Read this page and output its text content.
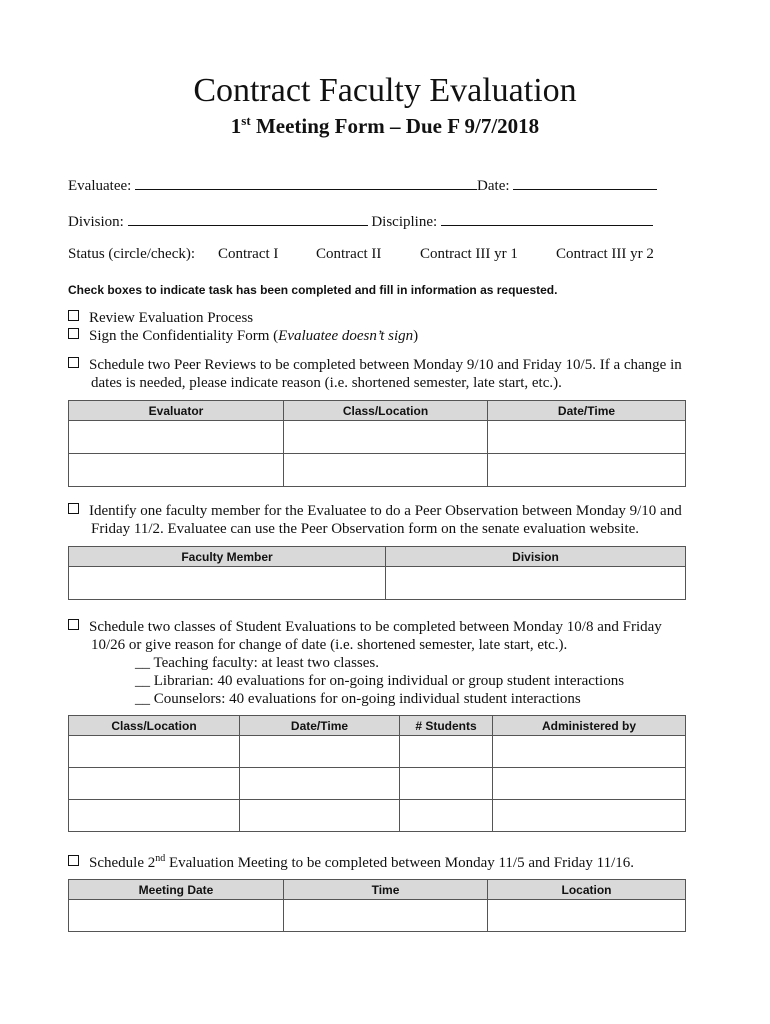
Contract Faculty Evaluation
1st Meeting Form – Due F 9/7/2018
Evaluatee:	Date:
Division:	Discipline:
Status (circle/check): Contract I	Contract II	Contract III yr 1	Contract III yr 2
Check boxes to indicate task has been completed and fill in information as requested.
Review Evaluation Process
Sign the Confidentiality Form (Evaluatee doesn’t sign)
Schedule two Peer Reviews to be completed between Monday 9/10 and Friday 10/5. If a change in
dates is needed, please indicate reason (i.e. shortened semester, late start, etc.).
Evaluator	Class/Location	Date/Time

Identify one faculty member for the Evaluatee to do a Peer Observation between Monday 9/10 and
Friday 11/2. Evaluatee can use the Peer Observation form on the senate evaluation website.
Faculty Member	Division

Schedule two classes of Student Evaluations to be completed between Monday 10/8 and Friday
10/26 or give reason for change of date (i.e. shortened semester, late start, etc.).
__ Teaching faculty: at least two classes.
__ Librarian: 40 evaluations for on-going individual or group student interactions
__ Counselors: 40 evaluations for on-going individual student interactions
Class/Location	Date/Time	# Students	Administered by

Schedule 2nd Evaluation Meeting to be completed between Monday 11/5 and Friday 11/16.
Meeting Date	Time	Location
